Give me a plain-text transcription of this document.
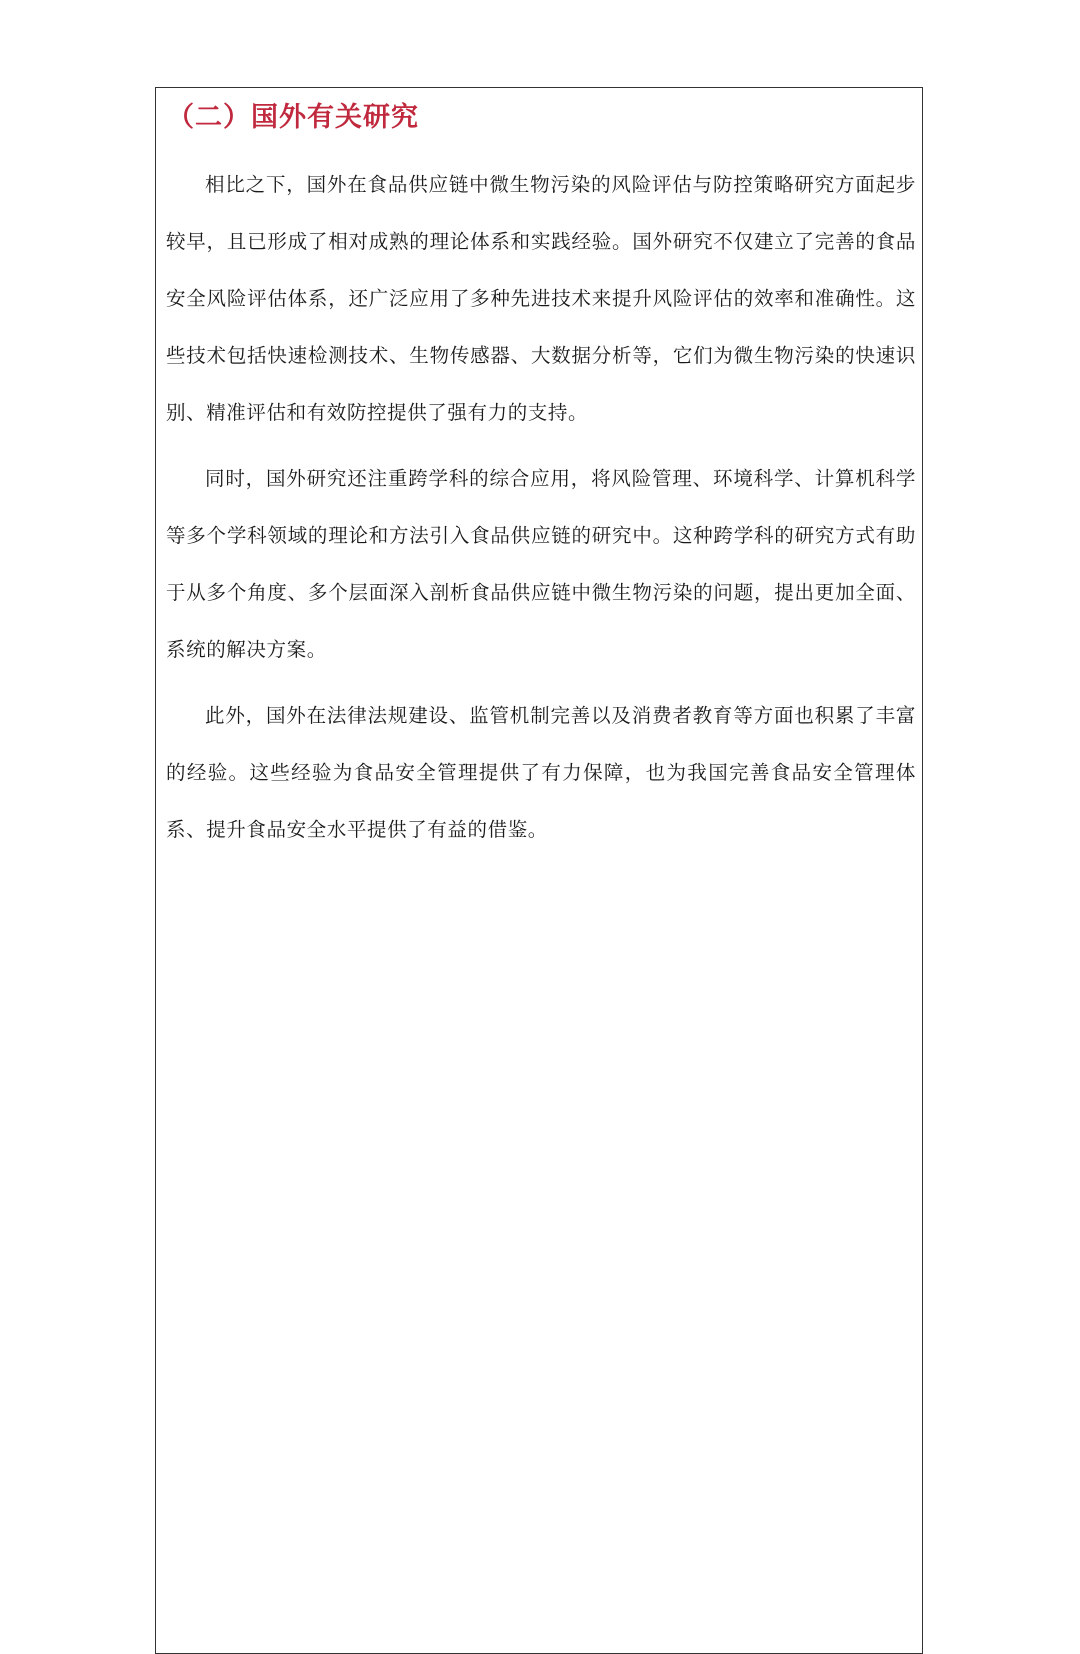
（二）国外有关研究

相比之下，国外在食品供应链中微生物污染的风险评估与防控策略研究方面起步较早，且已形成了相对成熟的理论体系和实践经验。国外研究不仅建立了完善的食品安全风险评估体系，还广泛应用了多种先进技术来提升风险评估的效率和准确性。这些技术包括快速检测技术、生物传感器、大数据分析等，它们为微生物污染的快速识别、精准评估和有效防控提供了强有力的支持。

同时，国外研究还注重跨学科的综合应用，将风险管理、环境科学、计算机科学等多个学科领域的理论和方法引入食品供应链的研究中。这种跨学科的研究方式有助于从多个角度、多个层面深入剖析食品供应链中微生物污染的问题，提出更加全面、系统的解决方案。

此外，国外在法律法规建设、监管机制完善以及消费者教育等方面也积累了丰富的经验。这些经验为食品安全管理提供了有力保障，也为我国完善食品安全管理体系、提升食品安全水平提供了有益的借鉴。
